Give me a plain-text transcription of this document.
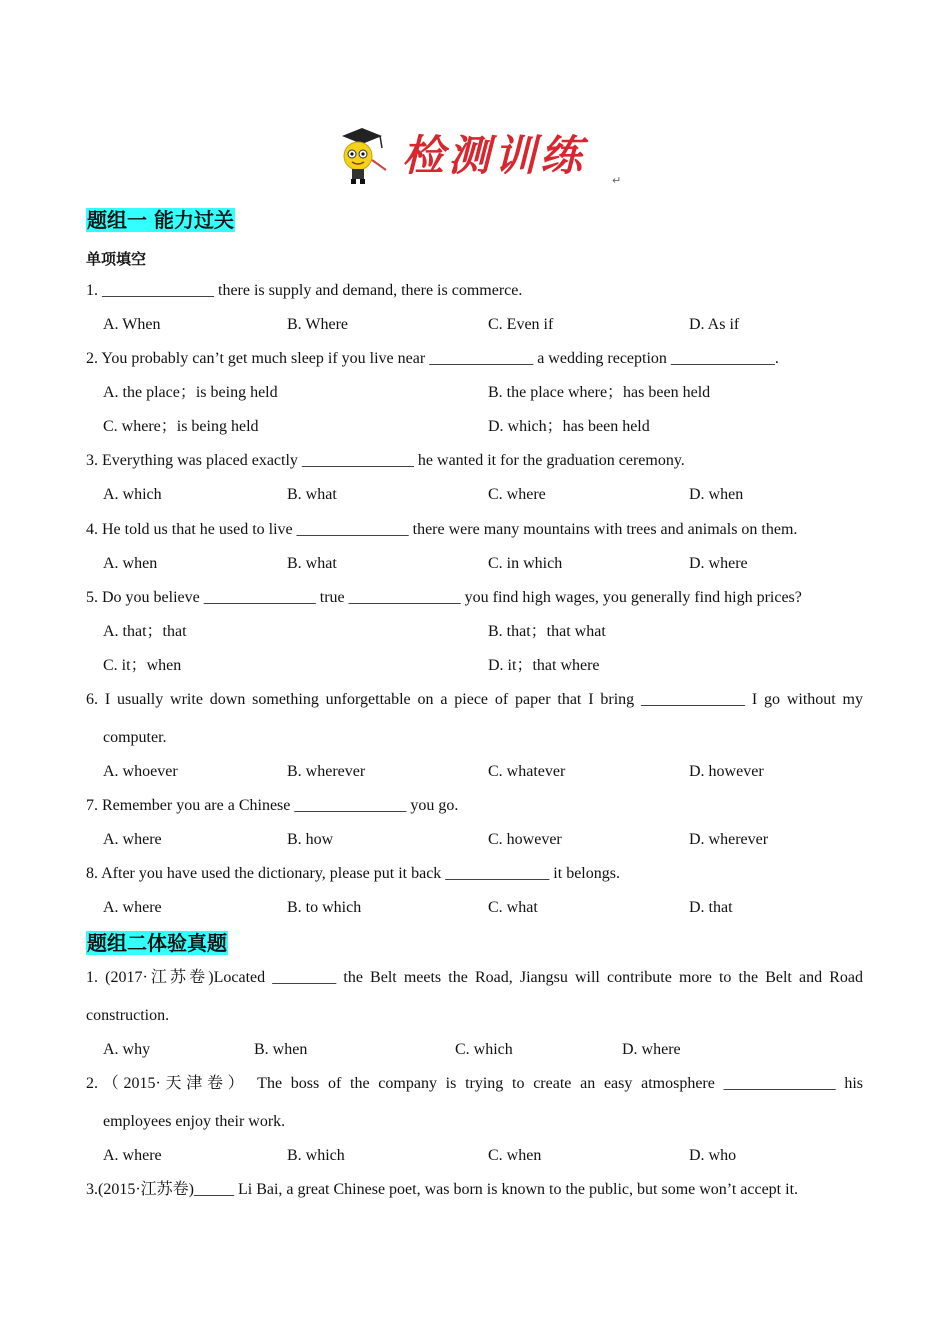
检测训练
↵
题组一 能力过关
单项填空
1. ______________ there is supply and demand, there is commerce.
A. When	B. Where	C. Even if	D. As if
2. You probably can’t get much sleep if you live near _____________ a wedding reception _____________.
A. the place；is being held	B. the place where；has been held
C. where；is being held	D. which；has been held
3. Everything was placed exactly ______________ he wanted it for the graduation ceremony.
A. which	B. what	C. where	D. when
4. He told us that he used to live ______________ there were many mountains with trees and animals on them.
A. when	B. what	C. in which	D. where
5. Do you believe ______________ true ______________ you find high wages, you generally find high prices?
A. that；that	B. that；that what
C. it；when	D. it；that where
6. I usually write down something unforgettable on a piece of paper that I bring _____________ I go without my
computer.
A. whoever	B. wherever	C. whatever	D. however
7. Remember you are a Chinese ______________ you go.
A. where	B. how	C. however	D. wherever
8. After you have used the dictionary, please put it back _____________ it belongs.
A. where	B. to which	C. what	D. that
题组二体验真题
1. (2017·江苏卷)Located ________ the Belt meets the Road, Jiangsu will contribute more to the Belt and Road
construction.
A. why	B. when	C. which	D. where
2.（2015·天津卷） The boss of the company is trying to create an easy atmosphere ______________ his
employees enjoy their work.
A. where	B. which	C. when	D. who
3.(2015·江苏卷)_____ Li Bai, a great Chinese poet, was born is known to the public, but some won’t accept it.
